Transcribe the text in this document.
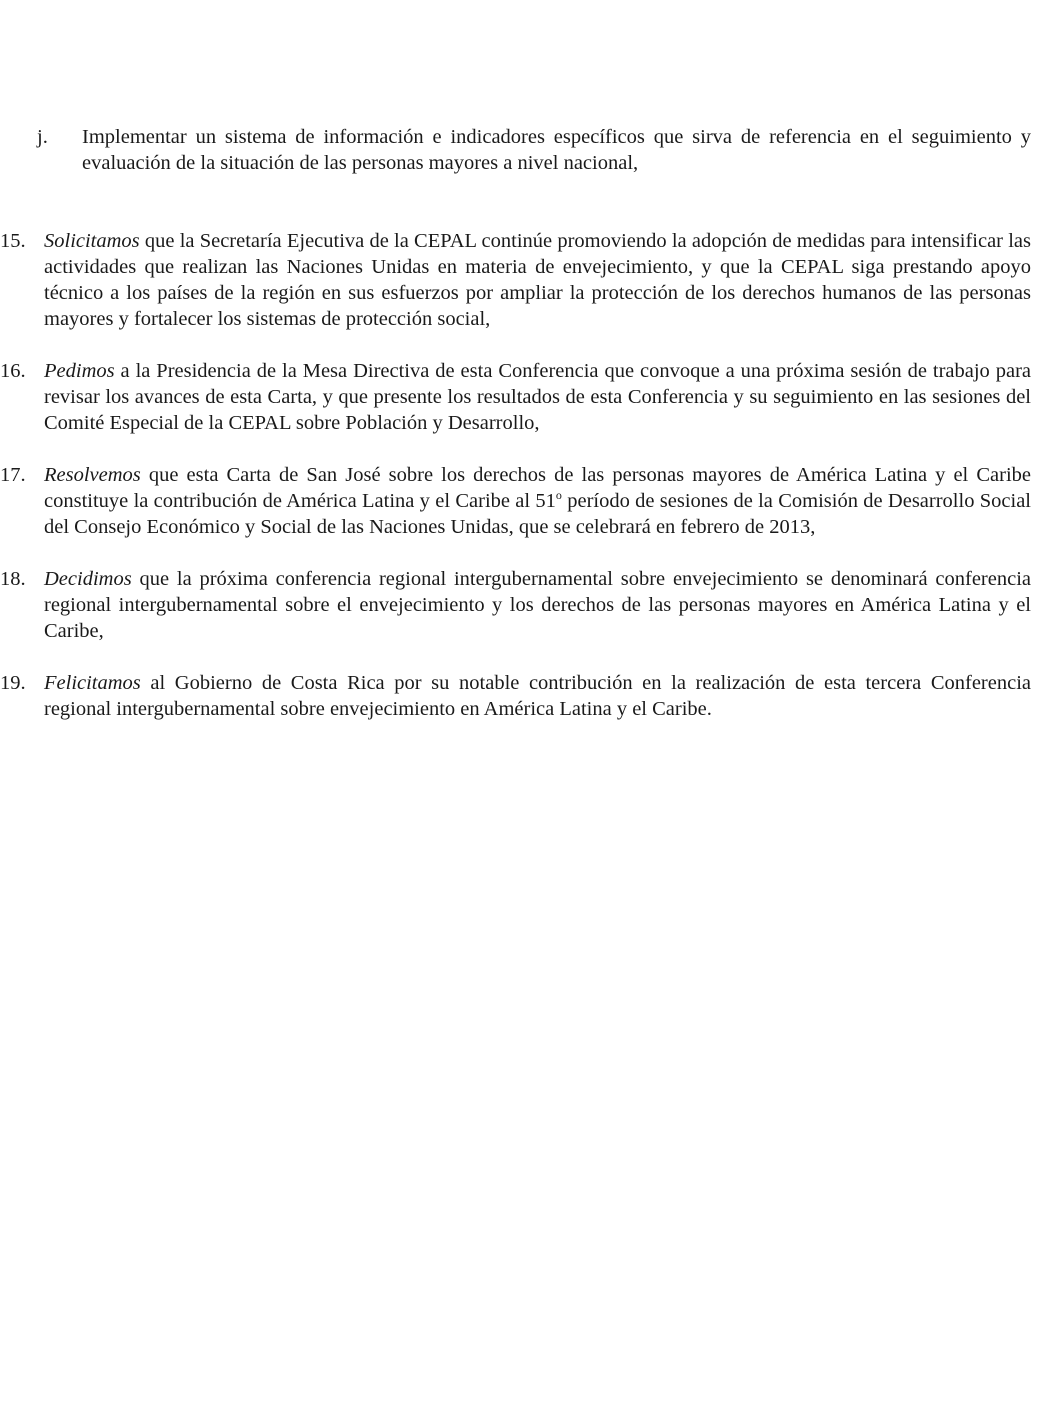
j.	Implementar un sistema de información e indicadores específicos que sirva de referencia en el seguimiento y evaluación de la situación de las personas mayores a nivel nacional,
15. Solicitamos que la Secretaría Ejecutiva de la CEPAL continúe promoviendo la adopción de medidas para intensificar las actividades que realizan las Naciones Unidas en materia de envejecimiento, y que la CEPAL siga prestando apoyo técnico a los países de la región en sus esfuerzos por ampliar la protección de los derechos humanos de las personas mayores y fortalecer los sistemas de protección social,
16. Pedimos a la Presidencia de la Mesa Directiva de esta Conferencia que convoque a una próxima sesión de trabajo para revisar los avances de esta Carta, y que presente los resultados de esta Conferencia y su seguimiento en las sesiones del Comité Especial de la CEPAL sobre Población y Desarrollo,
17. Resolvemos que esta Carta de San José sobre los derechos de las personas mayores de América Latina y el Caribe constituye la contribución de América Latina y el Caribe al 51$^o$ período de sesiones de la Comisión de Desarrollo Social del Consejo Económico y Social de las Naciones Unidas, que se celebrará en febrero de 2013,
18. Decidimos que la próxima conferencia regional intergubernamental sobre envejecimiento se denominará conferencia regional intergubernamental sobre el envejecimiento y los derechos de las personas mayores en América Latina y el Caribe,
19. Felicitamos al Gobierno de Costa Rica por su notable contribución en la realización de esta tercera Conferencia regional intergubernamental sobre envejecimiento en América Latina y el Caribe.
